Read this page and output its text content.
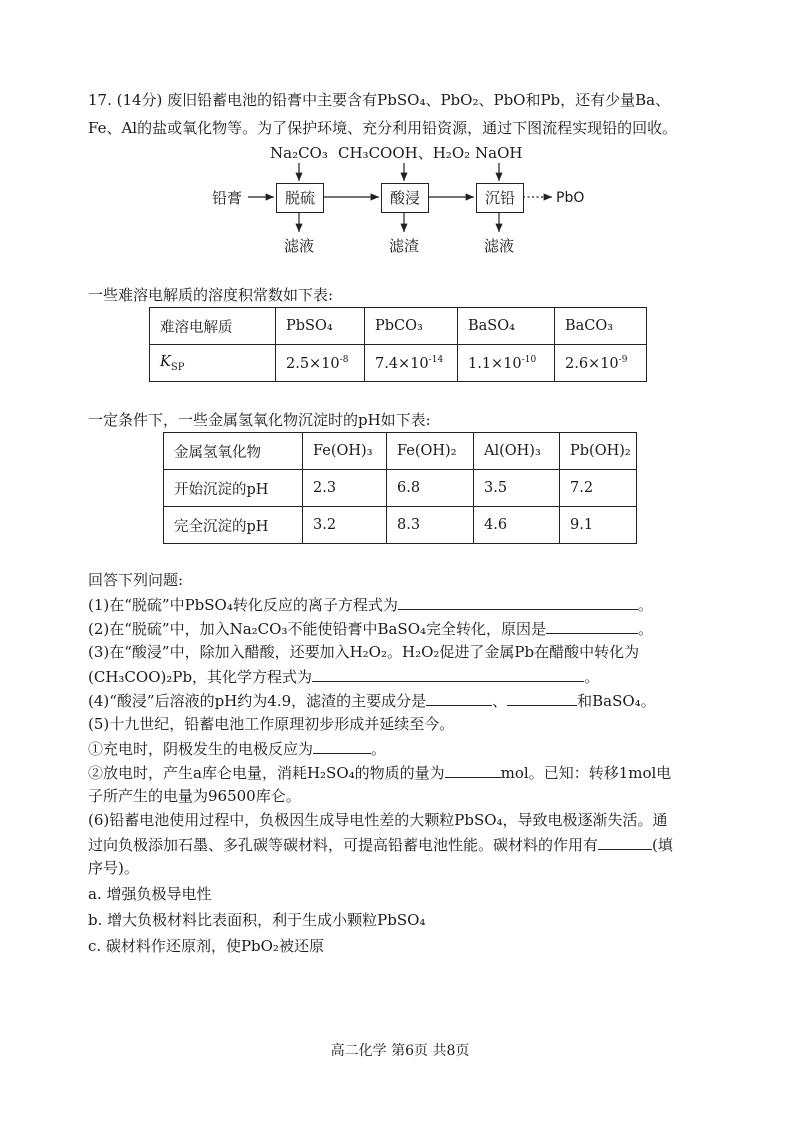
17. (14分) 废旧铅蓄电池的铅膏中主要含有PbSO₄、PbO₂、PbO和Pb，还有少量Ba、
Fe、Al的盐或氧化物等。为了保护环境、充分利用铅资源，通过下图流程实现铅的回收。
Na₂CO₃ CH₃COOH、H₂O₂ NaOH
铅膏	脱硫	酸浸	沉铅	PbO
滤液	滤渣	滤液
一些难溶电解质的溶度积常数如下表:
难溶电解质	PbSO₄	PbCO₃	BaSO₄	BaCO₃
$K_{SP}$	$2.5\times 10^{-8}$	$7.4\times 10^{-14}$	$1.1\times 10^{-10}$	$2.6\times 10^{-9}$
一定条件下，一些金属氢氧化物沉淀时的pH如下表:
金属氢氧化物	Fe(OH)₃	Fe(OH)₂	Al(OH)₃	Pb(OH)₂
开始沉淀的pH	2.3	6.8	3.5	7.2
完全沉淀的pH	3.2	8.3	4.6	9.1
回答下列问题:
(1)在“脱硫”中PbSO₄转化反应的离子方程式为	。
(2)在“脱硫”中，加入Na₂CO₃不能使铅膏中BaSO₄完全转化，原因是	。
(3)在“酸浸”中，除加入醋酸，还要加入H₂O₂。H₂O₂促进了金属Pb在醋酸中转化为
(CH₃COO)₂Pb，其化学方程式为	。
(4)“酸浸”后溶液的pH约为4.9，滤渣的主要成分是	、	和BaSO₄。
(5)十九世纪，铅蓄电池工作原理初步形成并延续至今。
①充电时，阴极发生的电极反应为	。
②放电时，产生a库仑电量，消耗H₂SO₄的物质的量为	mol。已知：转移1mol电
子所产生的电量为96500库仑。
(6)铅蓄电池使用过程中，负极因生成导电性差的大颗粒PbSO₄，导致电极逐渐失活。通
过向负极添加石墨、多孔碳等碳材料，可提高铅蓄电池性能。碳材料的作用有	(填
序号)。
a. 增强负极导电性
b. 增大负极材料比表面积，利于生成小颗粒PbSO₄
c. 碳材料作还原剂，使PbO₂被还原
高二化学 第6页 共8页
